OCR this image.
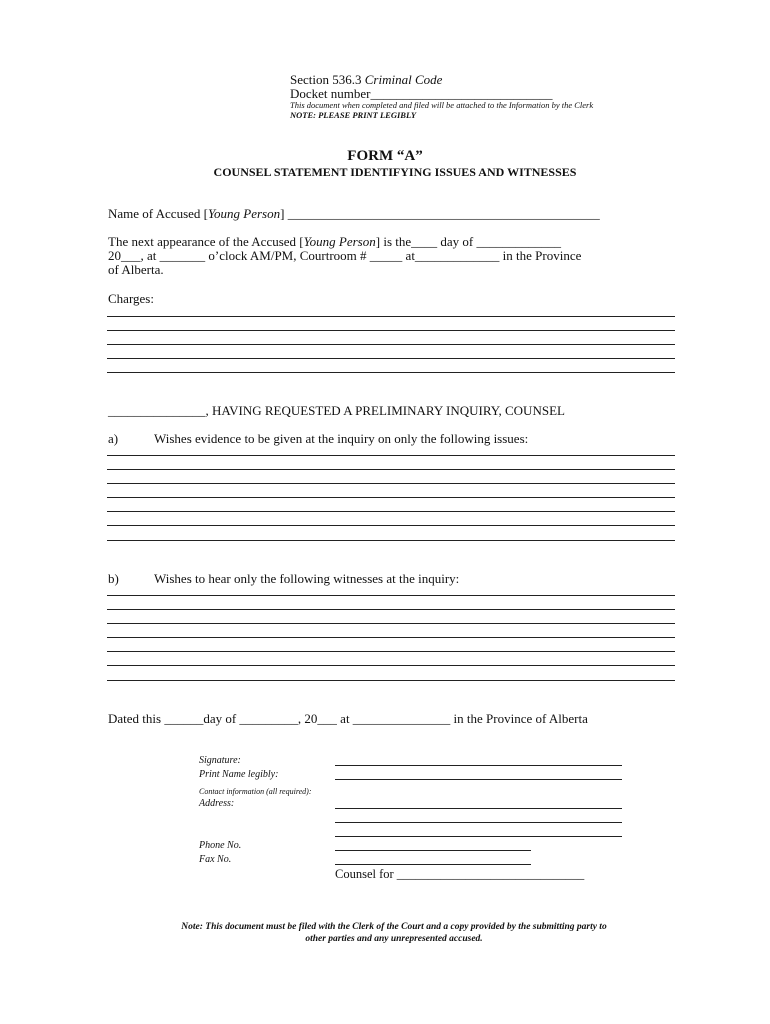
Section 536.3 Criminal Code
Docket number____________________________
This document when completed and filed will be attached to the Information by the Clerk
NOTE: PLEASE PRINT LEGIBLY
FORM “A”
COUNSEL STATEMENT IDENTIFYING ISSUES AND WITNESSES
Name of Accused [Young Person] ________________________________________________
The next appearance of the Accused [Young Person] is the____ day of _____________
20___, at _______ o’clock AM/PM, Courtroom # _____ at_____________ in the Province
of Alberta.
Charges:
_______________, HAVING REQUESTED A PRELIMINARY INQUIRY, COUNSEL
a)	Wishes evidence to be given at the inquiry on only the following issues:
b)	Wishes to hear only the following witnesses at the inquiry:
Dated this ______day of _________, 20___ at _______________ in the Province of Alberta
Signature:
Print Name legibly:
Contact information (all required):
Address:
Phone No.
Fax No.
Counsel for ______________________________
Note: This document must be filed with the Clerk of the Court and a copy provided by the submitting party to
other parties and any unrepresented accused.
